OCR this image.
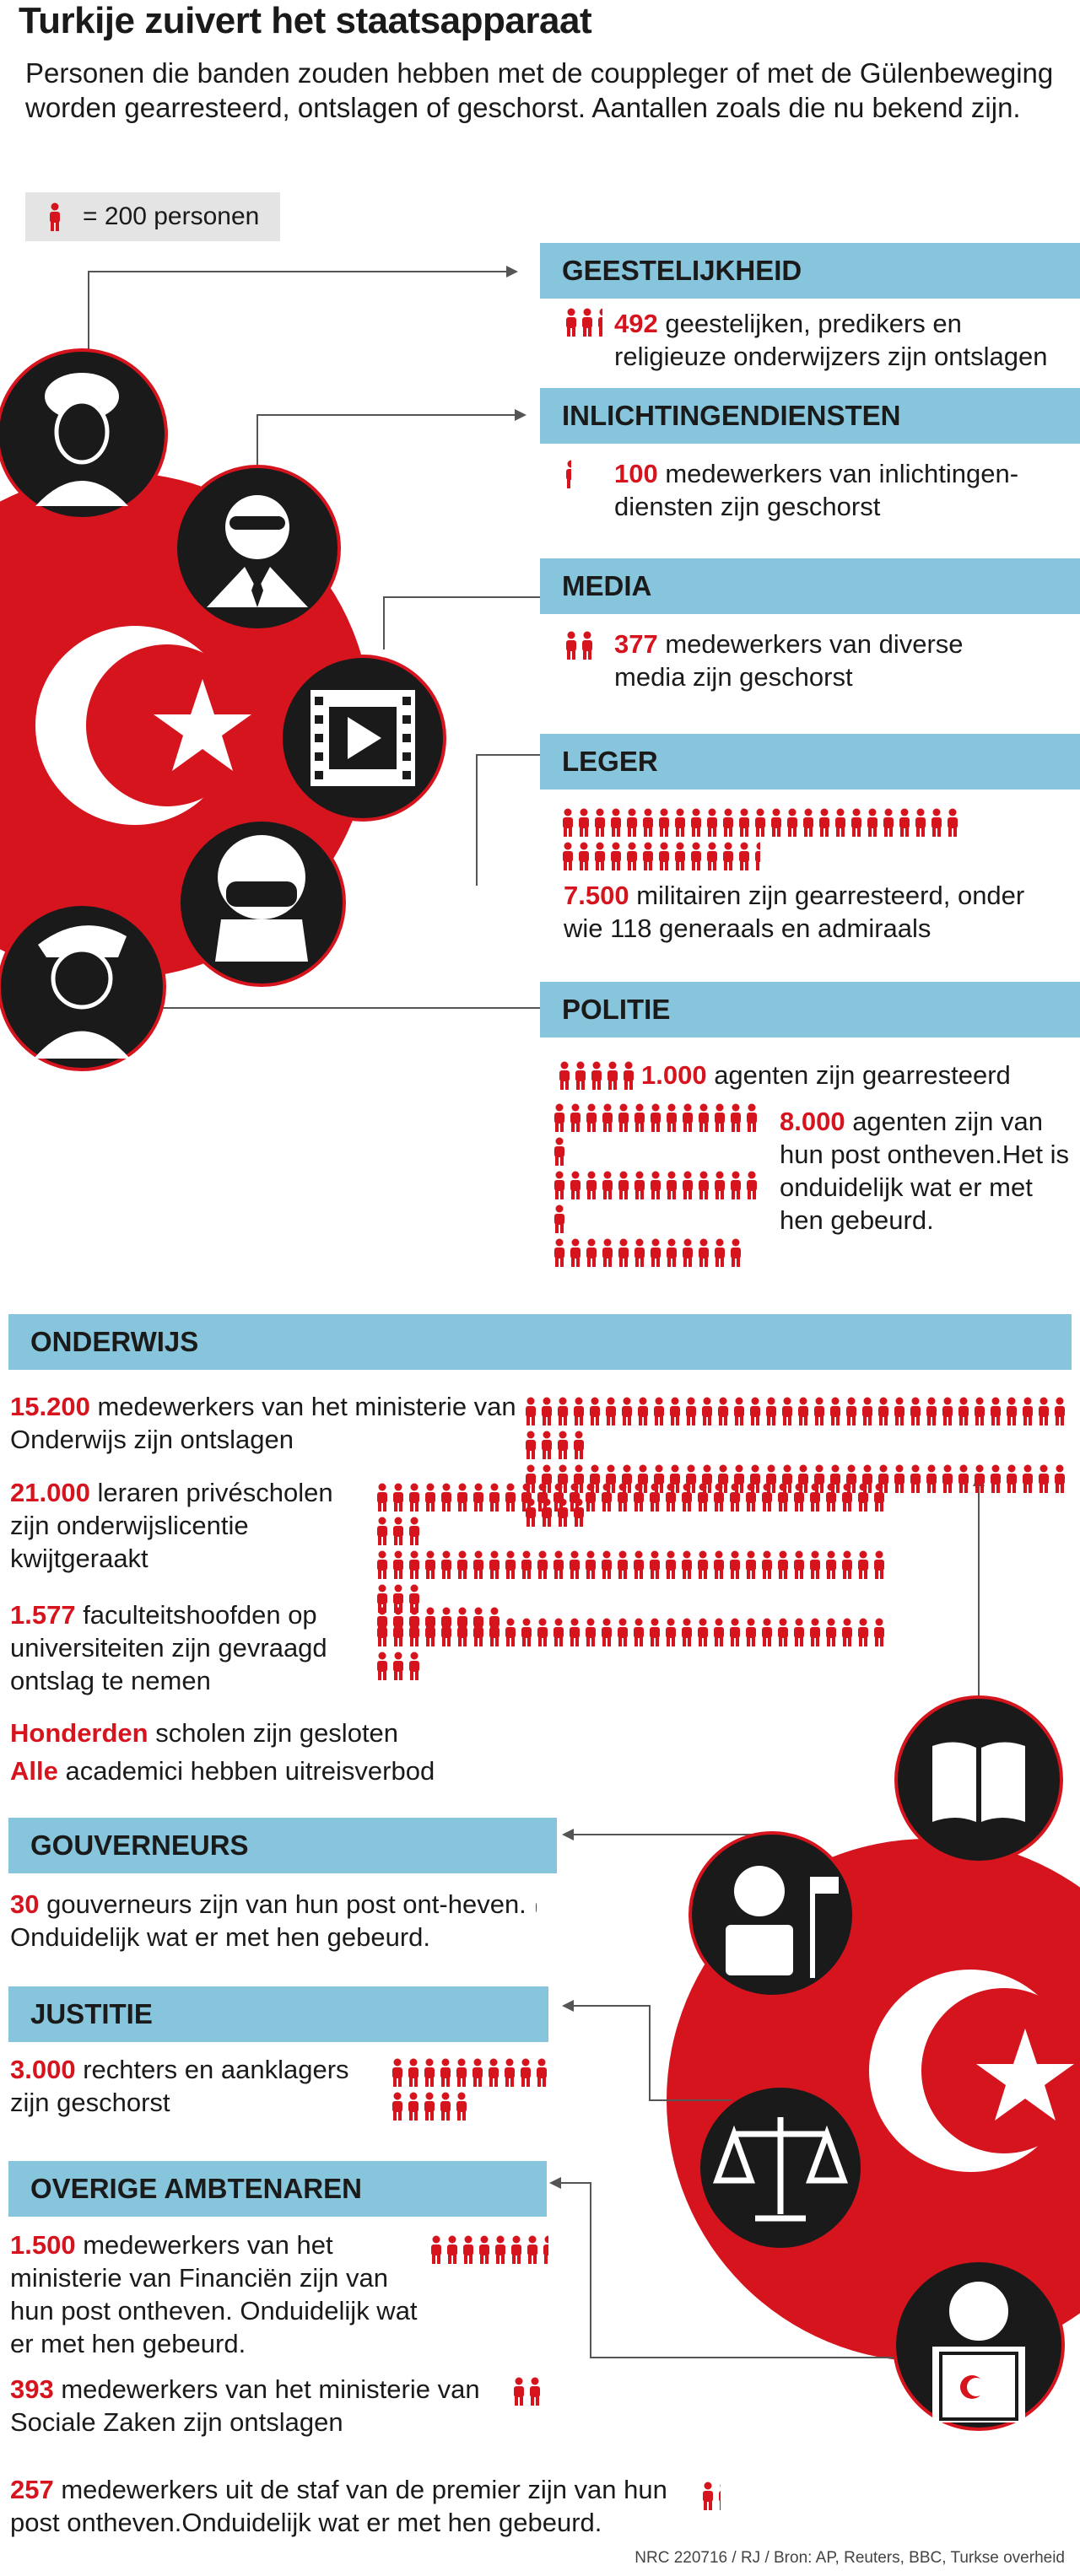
Turkije zuivert het staatsapparaat
Personen die banden zouden hebben met de couppleger of met de Gülenbeweging worden gearresteerd, ontslagen of geschorst. Aantallen zoals die nu bekend zijn.
= 200 personen
GEESTELIJKHEID
492 geestelijken, predikers en religieuze onderwijzers zijn ontslagen
INLICHTINGENDIENSTEN
100 medewerkers van inlichtingen-diensten zijn geschorst
MEDIA
377 medewerkers van diverse media zijn geschorst
LEGER

7.500 militairen zijn gearresteerd, onder wie 118 generaals en admiraals
POLITIE
1.000 agenten zijn gearresteerd

8.000 agenten zijn van hun post ontheven.Het is onduidelijk wat er met hen gebeurd.
ONDERWIJS
15.200 medewerkers van het ministerie van Onderwijs zijn ontslagen

21.000 leraren privéscholen zijn onderwijslicentie kwijtgeraakt

1.577 faculteitshoofden op universiteiten zijn gevraagd ontslag te nemen
Honderden scholen zijn gesloten
Alle academici hebben uitreisverbod
GOUVERNEURS
30 gouverneurs zijn van hun post ont-heven. Onduidelijk wat er met hen gebeurd.
JUSTITIE
3.000 rechters en aanklagers zijn geschorst

OVERIGE AMBTENAREN
1.500 medewerkers van het ministerie van Financiën zijn van hun post ontheven. Onduidelijk wat er met hen gebeurd.
393 medewerkers van het ministerie van Sociale Zaken zijn ontslagen
257 medewerkers uit de staf van de premier zijn van hun post ontheven.Onduidelijk wat er met hen gebeurd.
NRC 220716 / RJ / Bron: AP, Reuters, BBC, Turkse overheid
